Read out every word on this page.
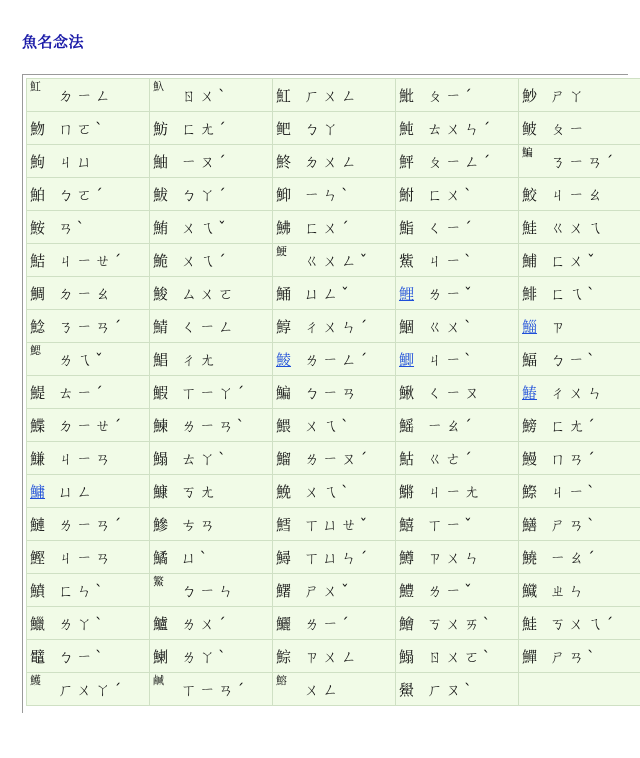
魚名念法
魟ㄉㄧㄥ	魞ㄖㄨˋ	魟 ㄏㄨㄥ	魮 ㄆㄧˊ	魦 ㄕㄚ
魩 ㄇㄛˋ	魴 ㄈㄤˊ	鲃 ㄅㄚ	魨 ㄊㄨㄣˊ	鲏 ㄆㄧ
鮈 ㄐㄩ	鮋 ㄧㄡˊ	鮗 ㄉㄨㄥ	鮃 ㄆㄧㄥˊ	鯿ㄋㄧㄢˊ
鮊 ㄅㄛˊ	鮁 ㄅㄚˊ	鮣 ㄧㄣˋ	鮒 ㄈㄨˋ	鮫 ㄐㄧㄠ
鮟 ㄢˋ	鮪 ㄨㄟˇ	鮄 ㄈㄨˊ	鮨 ㄑㄧˊ	鮭 ㄍㄨㄟ
鮚 ㄐㄧㄝˊ	鮠 ㄨㄟˊ	鯁ㄍㄨㄥˇ	鮆 ㄐㄧˋ	鯆 ㄈㄨˇ
鯛 ㄉㄧㄠ	鮻 ㄙㄨㄛ	鯒 ㄩㄥˇ	鯉 ㄌㄧˇ	鯡 ㄈㄟˋ
鯰 ㄋㄧㄢˊ	鯖 ㄑㄧㄥ	鯙 ㄔㄨㄣˊ	鯝 ㄍㄨˋ	鯔 ㄗ
鰓ㄌㄟˇ	鯧 ㄔㄤ	鯪 ㄌㄧㄥˊ	鯽 ㄐㄧˋ	鰏 ㄅㄧˋ
鯷 ㄊㄧˊ	鰕 ㄒㄧㄚˊ	鯿 ㄅㄧㄢ	鰍 ㄑㄧㄡ	鰆 ㄔㄨㄣ
鰈 ㄉㄧㄝˊ	鰊 ㄌㄧㄢˋ	鰃 ㄨㄟˋ	鰩 ㄧㄠˊ	鰟 ㄈㄤˊ
鰜 ㄐㄧㄢ	鰨 ㄊㄚˋ	鰡 ㄌㄧㄡˊ	鮕 ㄍㄜˊ	鰻 ㄇㄢˊ
鱅 ㄩㄥ	鱇 ㄎㄤ	鮸 ㄨㄟˋ	鱂 ㄐㄧㄤ	鰶 ㄐㄧˋ
鰱 ㄌㄧㄢˊ	鰺 ㄘㄢ	鱈 ㄒㄩㄝˇ	鱚 ㄒㄧˇ	鱔 ㄕㄢˋ
鰹 ㄐㄧㄢ	鱊 ㄩˋ	鱘 ㄒㄩㄣˊ	鱒 ㄗㄨㄣ	鱙 ㄧㄠˊ
鱝 ㄈㄣˋ	鰵ㄅㄧㄣ	鱰 ㄕㄨˇ	鱧 ㄌㄧˇ	鱵 ㄓㄣ
鱲 ㄌㄚˋ	鱸 ㄌㄨˊ	鱺 ㄌㄧˊ	鱠 ㄎㄨㄞˋ	鮭 ㄎㄨㄟˊ
鼊 ㄅㄧˋ	鯻 ㄌㄚˋ	鯮 ㄗㄨㄥ	鰨 ㄖㄨㄛˋ	鱓 ㄕㄢˋ
鱯ㄏㄨㄚˊ	鹹ㄒㄧㄢˊ	鰫ㄨㄥ	鱟 ㄏㄡˋ	
